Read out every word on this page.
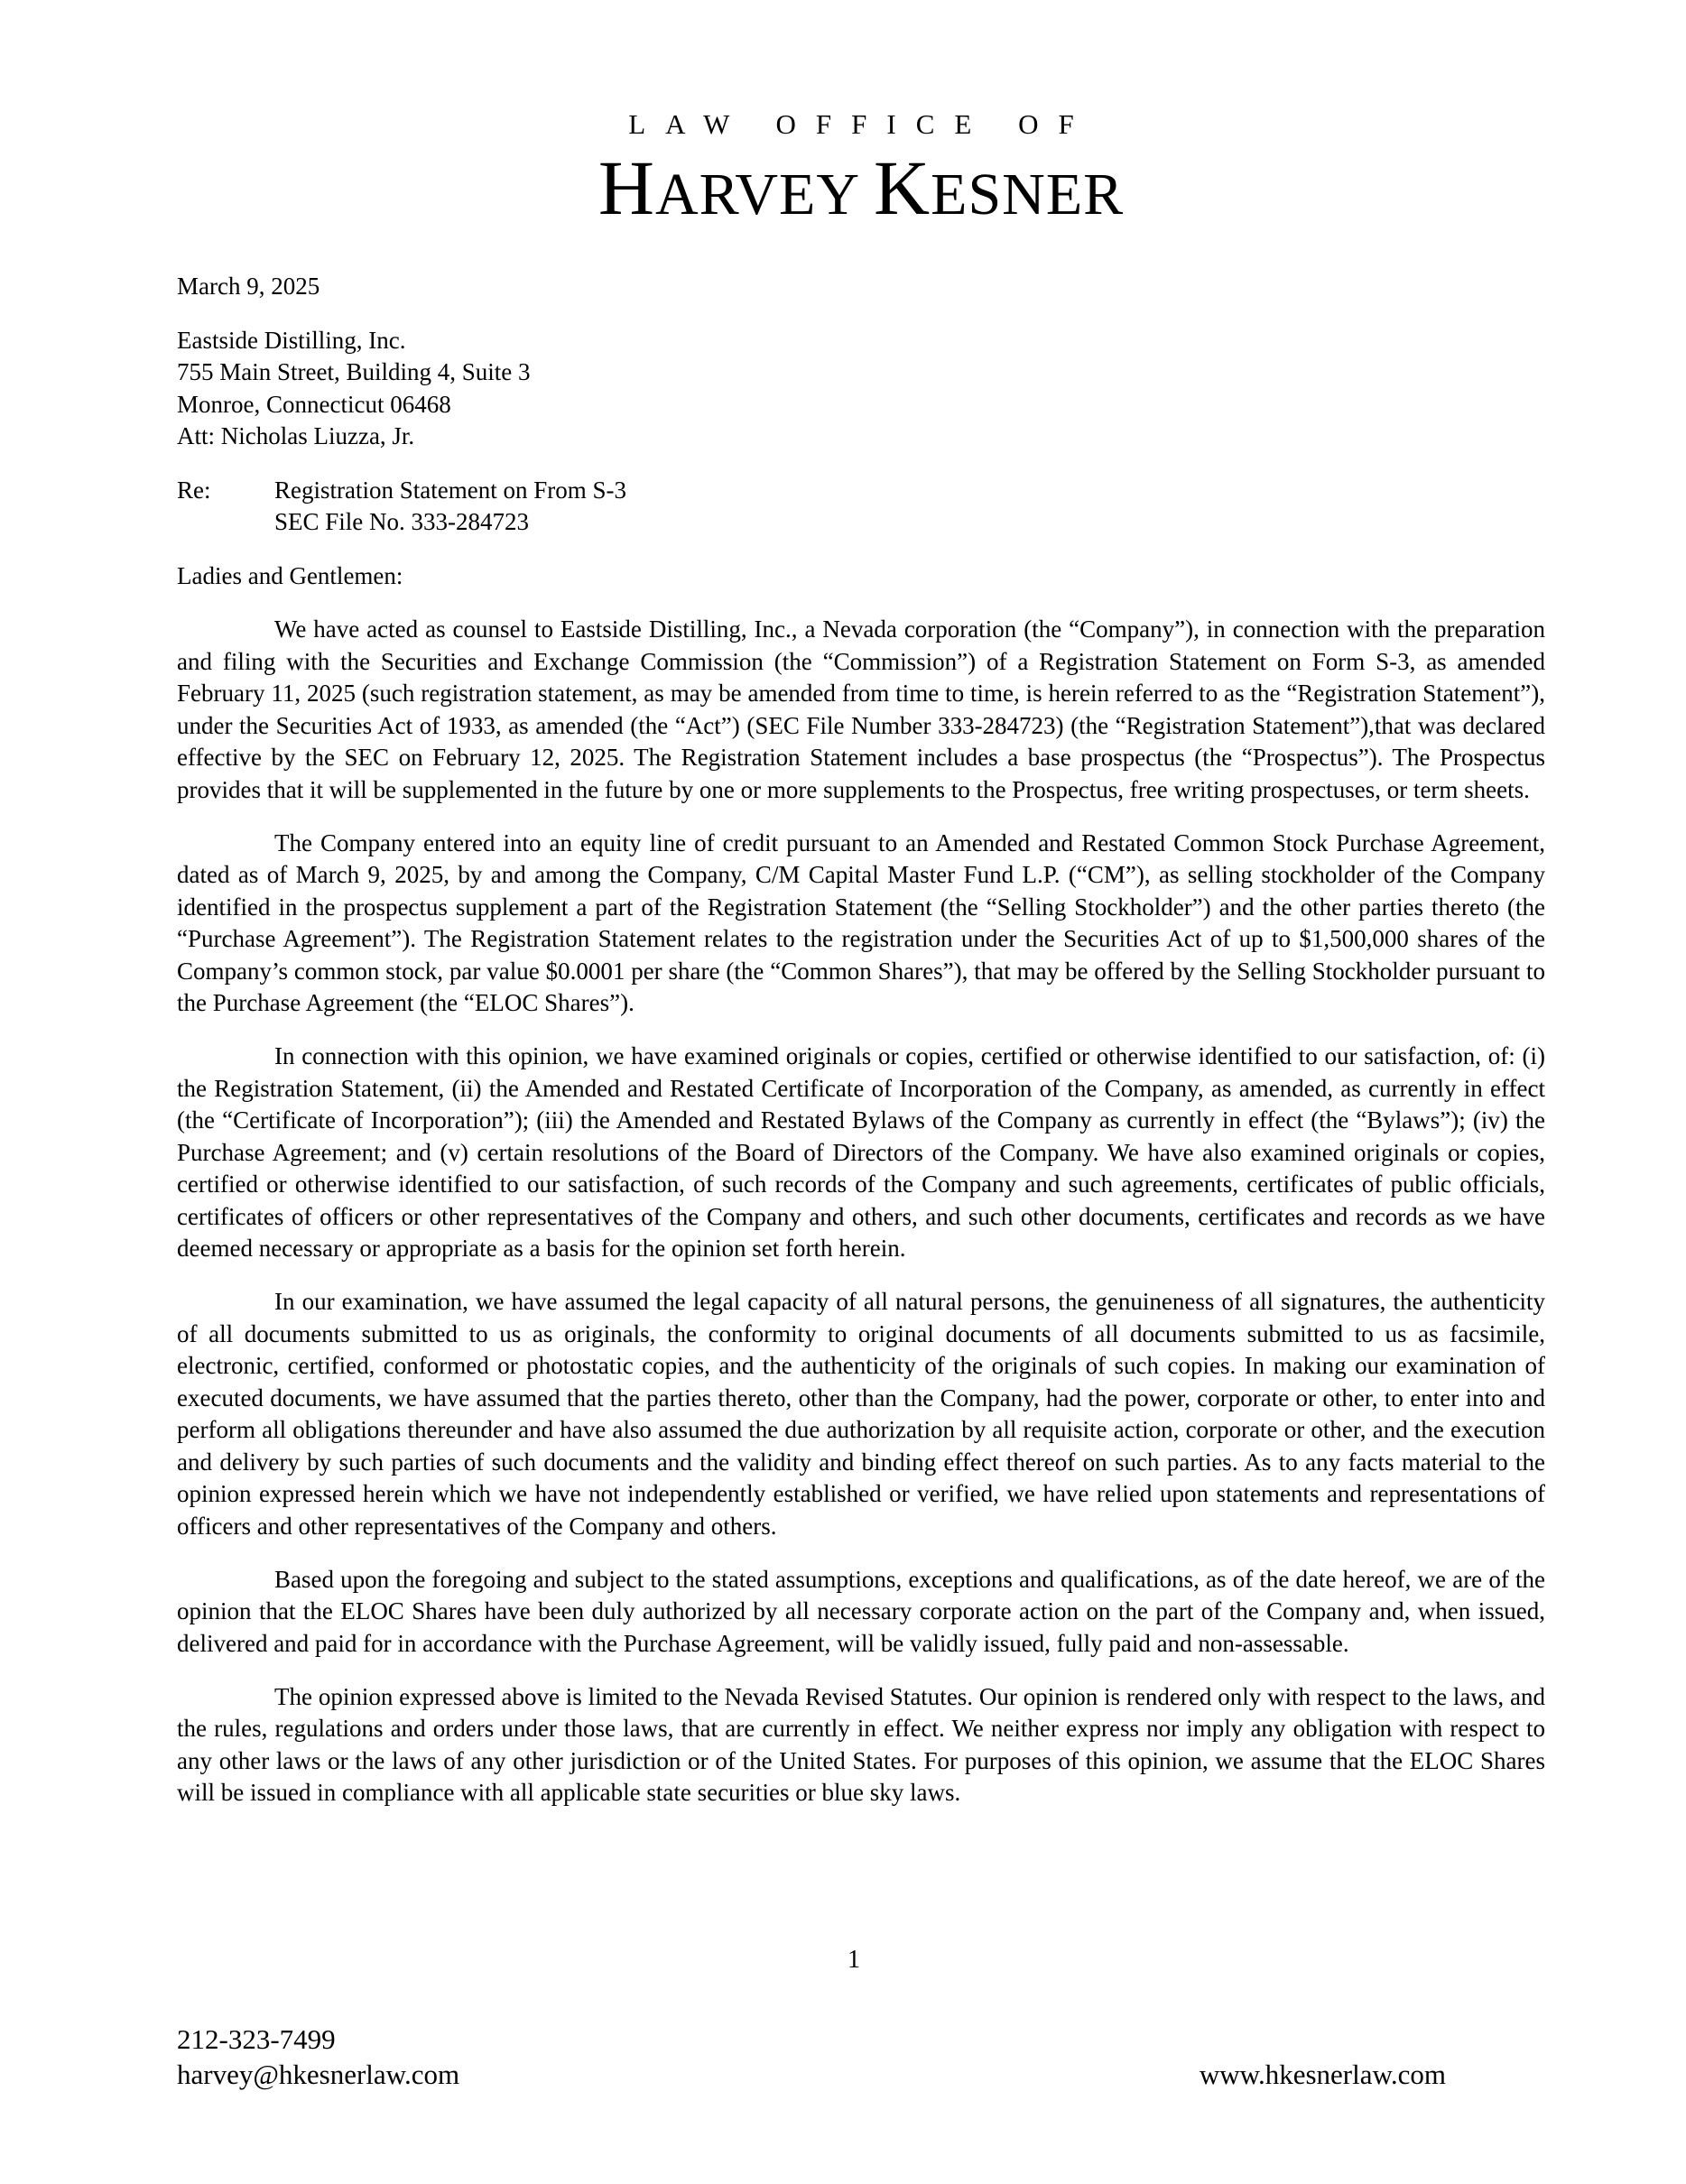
LAW OFFICE OF
HARVEY KESNER
March 9, 2025
Eastside Distilling, Inc.
755 Main Street, Building 4, Suite 3
Monroe, Connecticut 06468
Att: Nicholas Liuzza, Jr.
Re:	Registration Statement on From S-3
SEC File No. 333-284723
Ladies and Gentlemen:

We have acted as counsel to Eastside Distilling, Inc., a Nevada corporation (the “Company”), in connection with the preparation and filing with the Securities and Exchange Commission (the “Commission”) of a Registration Statement on Form S-3, as amended February 11, 2025 (such registration statement, as may be amended from time to time, is herein referred to as the “Registration Statement”), under the Securities Act of 1933, as amended (the “Act”) (SEC File Number 333-284723) (the “Registration Statement”),that was declared effective by the SEC on February 12, 2025. The Registration Statement includes a base prospectus (the “Prospectus”). The Prospectus provides that it will be supplemented in the future by one or more supplements to the Prospectus, free writing prospectuses, or term sheets.

The Company entered into an equity line of credit pursuant to an Amended and Restated Common Stock Purchase Agreement, dated as of March 9, 2025, by and among the Company, C/M Capital Master Fund L.P. (“CM”), as selling stockholder of the Company identified in the prospectus supplement a part of the Registration Statement (the “Selling Stockholder”) and the other parties thereto (the “Purchase Agreement”). The Registration Statement relates to the registration under the Securities Act of up to $1,500,000 shares of the Company’s common stock, par value $0.0001 per share (the “Common Shares”), that may be offered by the Selling Stockholder pursuant to the Purchase Agreement (the “ELOC Shares”).

In connection with this opinion, we have examined originals or copies, certified or otherwise identified to our satisfaction, of: (i) the Registration Statement, (ii) the Amended and Restated Certificate of Incorporation of the Company, as amended, as currently in effect (the “Certificate of Incorporation”); (iii) the Amended and Restated Bylaws of the Company as currently in effect (the “Bylaws”); (iv) the Purchase Agreement; and (v) certain resolutions of the Board of Directors of the Company. We have also examined originals or copies, certified or otherwise identified to our satisfaction, of such records of the Company and such agreements, certificates of public officials, certificates of officers or other representatives of the Company and others, and such other documents, certificates and records as we have deemed necessary or appropriate as a basis for the opinion set forth herein.

In our examination, we have assumed the legal capacity of all natural persons, the genuineness of all signatures, the authenticity of all documents submitted to us as originals, the conformity to original documents of all documents submitted to us as facsimile, electronic, certified, conformed or photostatic copies, and the authenticity of the originals of such copies. In making our examination of executed documents, we have assumed that the parties thereto, other than the Company, had the power, corporate or other, to enter into and perform all obligations thereunder and have also assumed the due authorization by all requisite action, corporate or other, and the execution and delivery by such parties of such documents and the validity and binding effect thereof on such parties. As to any facts material to the opinion expressed herein which we have not independently established or verified, we have relied upon statements and representations of officers and other representatives of the Company and others.

Based upon the foregoing and subject to the stated assumptions, exceptions and qualifications, as of the date hereof, we are of the opinion that the ELOC Shares have been duly authorized by all necessary corporate action on the part of the Company and, when issued, delivered and paid for in accordance with the Purchase Agreement, will be validly issued, fully paid and non-assessable.

The opinion expressed above is limited to the Nevada Revised Statutes. Our opinion is rendered only with respect to the laws, and the rules, regulations and orders under those laws, that are currently in effect. We neither express nor imply any obligation with respect to any other laws or the laws of any other jurisdiction or of the United States. For purposes of this opinion, we assume that the ELOC Shares will be issued in compliance with all applicable state securities or blue sky laws.

1
212-323-7499
harvey@hkesnerlaw.com	www.hkesnerlaw.com
